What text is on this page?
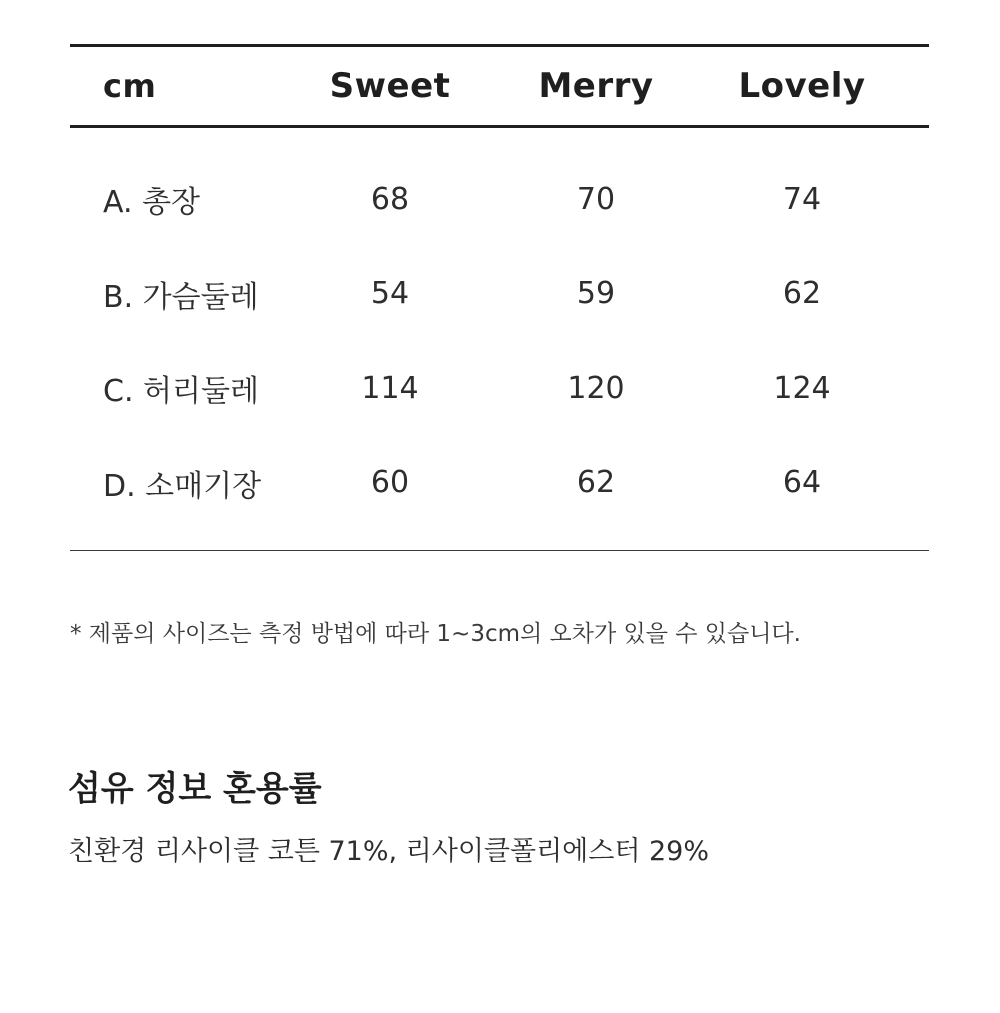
cm	Sweet	Merry	Lovely
A. 총장	68	70	74
B. 가슴둘레	54	59	62
C. 허리둘레	114	120	124
D. 소매기장	60	62	64

* 제품의 사이즈는 측정 방법에 따라 1~3cm의 오차가 있을 수 있습니다.

섬유 정보 혼용률

친환경 리사이클 코튼 71%, 리사이클폴리에스터 29%
